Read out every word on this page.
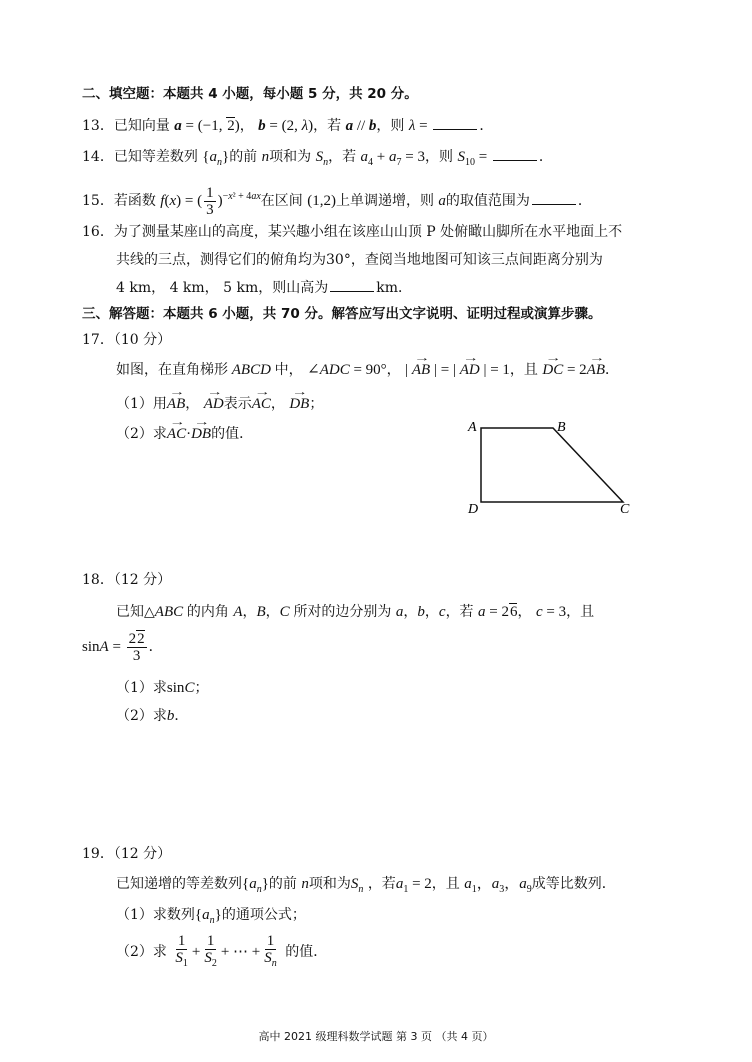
二、填空题：本题共 4 小题，每小题 5 分，共 20 分。
13．已知向量 a = (−1, 2)， b = (2, λ)，若 a // b，则 λ =	．
14．已知等差数列 $\{a_n\}$的前 n项和为 $S_n$，若 $a_4 + a_7 = 3$，则 $S_{10}$ =	．
15．若函数 f(x) = ( $\frac{1}{3} )^{-x^2 + 4ax}$在区间 (1,2)上单调递增，则 a的取值范围为	．
16．为了测量某座山的高度，某兴趣小组在该座山山顶 P 处俯瞰山脚所在水平地面上不
共线的三点，测得它们的俯角均为30°，查阅当地地图可知该三点间距离分别为
4 km， 4 km， 5 km，则山高为	km．
三、解答题：本题共 6 小题，共 70 分。解答应写出文字说明、证明过程或演算步骤。
17．（10 分）
如图，在直角梯形 ABCD 中， ∠ADC = 90°， | → AB | = | → AD | = 1，且 → DC = 2→ AB．
（1）用→ AB， → AD表示→ AC， → DB；
（2）求→ AC·→ DB的值．	A	B
C
D
18．（12 分）
已知△ABC 的内角 A，B，C 所对的边分别为 a，b，c，若 a = 26， c = 3，且
$\sin A = \frac{22}{3}$ ．
（1）求sinC；
（2）求b．
19．（12 分）
已知递增的等差数列$\{a_n\}$的前 n项和为$S_n$ ，若$a_1 = 2$，且 $a_1$，$a_3$，$a_9$成等比数列．
（1）求数列$\{a_n\}$的通项公式；
（2）求 $\frac{1}{S_1} + \frac{1}{S_2}$ + ⋯ + $\frac{1}{S_n}$ 的值．
高中 2021 级理科数学试题 第 3 页 （共 4 页）
